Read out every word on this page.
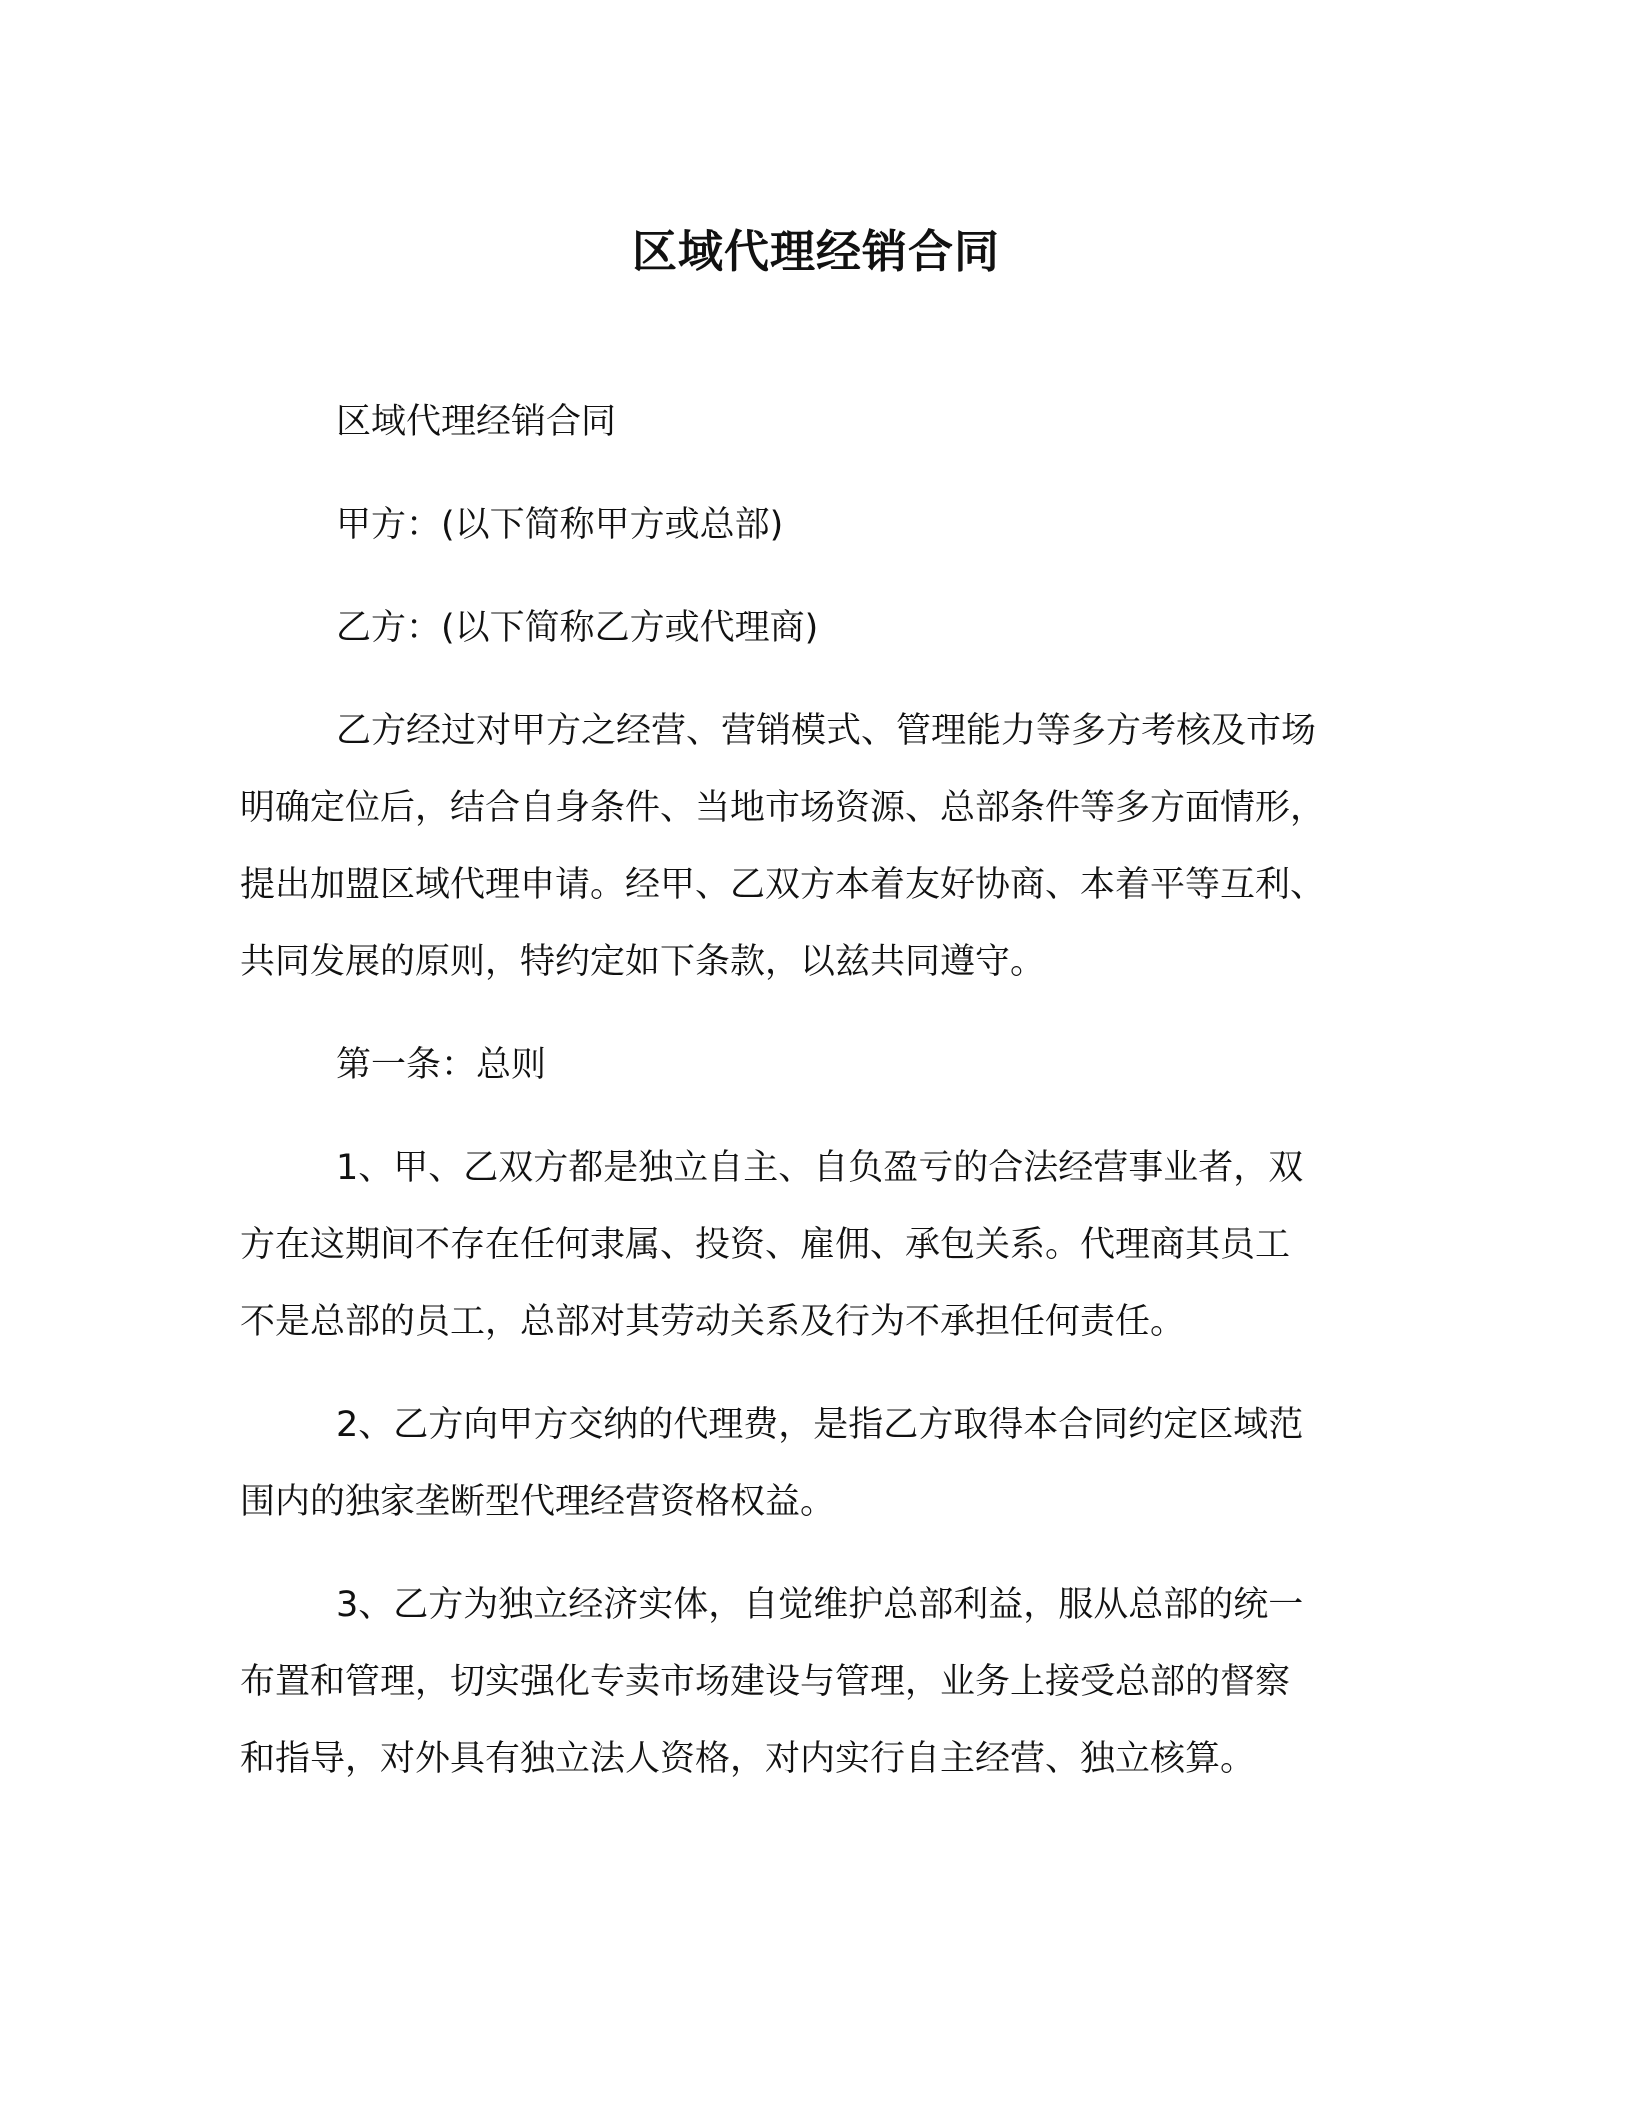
区域代理经销合同

区域代理经销合同

甲方：(以下简称甲方或总部)

乙方：(以下简称乙方或代理商)

乙方经过对甲方之经营、营销模式、管理能力等多方考核及市场

明确定位后，结合自身条件、当地市场资源、总部条件等多方面情形，

提出加盟区域代理申请。经甲、乙双方本着友好协商、本着平等互利、

共同发展的原则，特约定如下条款，以兹共同遵守。

第一条：总则

1、甲、乙双方都是独立自主、自负盈亏的合法经营事业者，双

方在这期间不存在任何隶属、投资、雇佣、承包关系。代理商其员工

不是总部的员工，总部对其劳动关系及行为不承担任何责任。

2、乙方向甲方交纳的代理费，是指乙方取得本合同约定区域范

围内的独家垄断型代理经营资格权益。

3、乙方为独立经济实体，自觉维护总部利益，服从总部的统一

布置和管理，切实强化专卖市场建设与管理，业务上接受总部的督察

和指导，对外具有独立法人资格，对内实行自主经营、独立核算。
